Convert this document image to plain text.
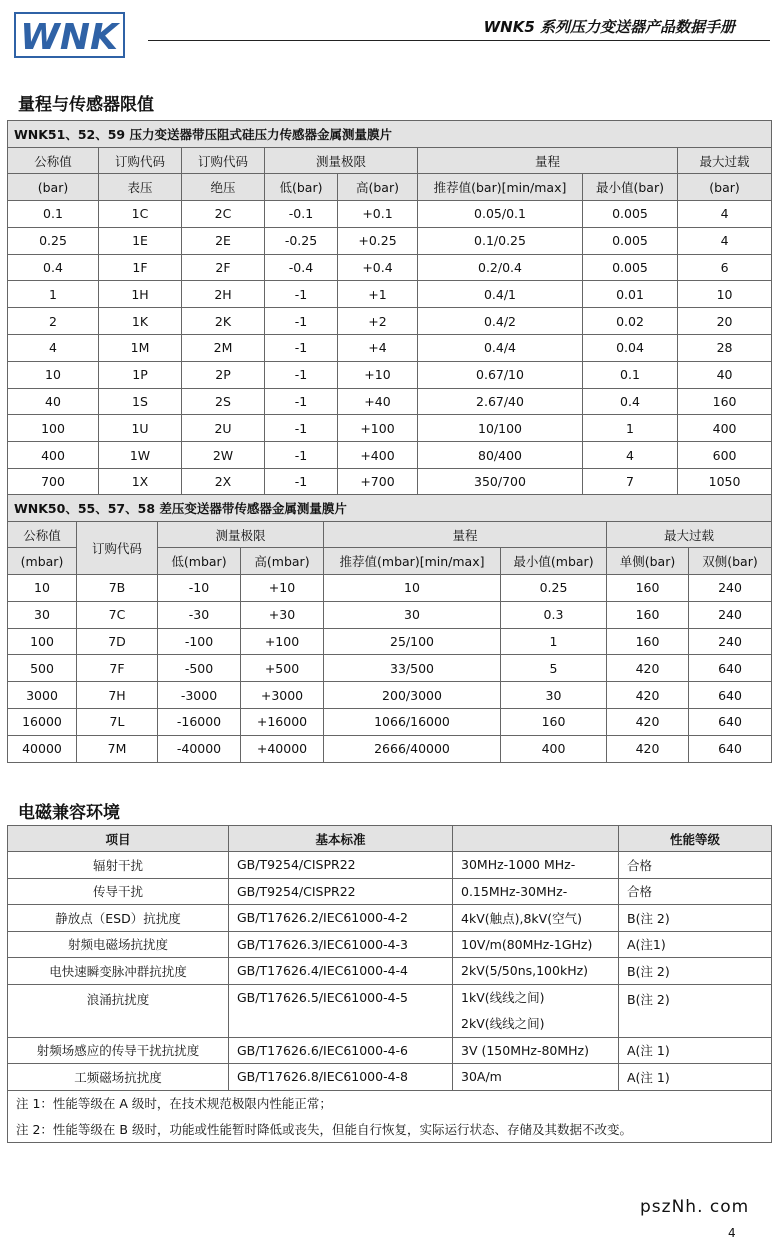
WNK	WNK5 系列压力变送器产品数据手册
量程与传感器限值
WNK51、52、59 压力变送器带压阻式硅压力传感器金属测量膜片							
公称值	订购代码	订购代码	测量极限		量程		最大过载
(bar)	表压	绝压	低(bar)	高(bar)	推荐值(bar)[min/max]	最小值(bar)	(bar)
0.1	1C	2C	-0.1	+0.1	0.05/0.1	0.005	4
0.25	1E	2E	-0.25	+0.25	0.1/0.25	0.005	4
0.4	1F	2F	-0.4	+0.4	0.2/0.4	0.005	6
1	1H	2H	-1	+1	0.4/1	0.01	10
2	1K	2K	-1	+2	0.4/2	0.02	20
4	1M	2M	-1	+4	0.4/4	0.04	28
10	1P	2P	-1	+10	0.67/10	0.1	40
40	1S	2S	-1	+40	2.67/40	0.4	160
100	1U	2U	-1	+100	10/100	1	400
400	1W	2W	-1	+400	80/400	4	600
700	1X	2X	-1	+700	350/700	7	1050
WNK50、55、57、58 差压变送器带传感器金属测量膜片							
公称值	订购代码	测量极限		量程		最大过载	
(mbar)		低(mbar)	高(mbar)	推荐值(mbar)[min/max]	最小值(mbar)	单侧(bar)	双侧(bar)
10	7B	-10	+10	10	0.25	160	240
30	7C	-30	+30	30	0.3	160	240
100	7D	-100	+100	25/100	1	160	240
500	7F	-500	+500	33/500	5	420	640
3000	7H	-3000	+3000	200/3000	30	420	640
16000	7L	-16000	+16000	1066/16000	160	420	640
40000	7M	-40000	+40000	2666/40000	400	420	640
电磁兼容环境
项目	基本标准		性能等级
辐射干扰	GB/T9254/CISPR22	30MHz-1000 MHz-	合格
传导干扰	GB/T9254/CISPR22	0.15MHz-30MHz-	合格
静放点（ESD）抗扰度	GB/T17626.2/IEC61000-4-2	4kV(触点),8kV(空气)	B(注 2)
射频电磁场抗扰度	GB/T17626.3/IEC61000-4-3	10V/m(80MHz-1GHz)	A(注1)
电快速瞬变脉冲群抗扰度	GB/T17626.4/IEC61000-4-4	2kV(5/50ns,100kHz)	B(注 2)
浪涌抗扰度	GB/T17626.5/IEC61000-4-5	1kV(线线之间)	B(注 2)
		2kV(线线之间)	
射频场感应的传导干扰抗扰度	GB/T17626.6/IEC61000-4-6	3V (150MHz-80MHz)	A(注 1)
工频磁场抗扰度	GB/T17626.8/IEC61000-4-8	30A/m	A(注 1)
注 1：性能等级在 A 级时，在技术规范极限内性能正常；			
注 2：性能等级在 B 级时，功能或性能暂时降低或丧失，但能自行恢复，实际运行状态、存储及其数据不改变。			
pszNh. com
4
